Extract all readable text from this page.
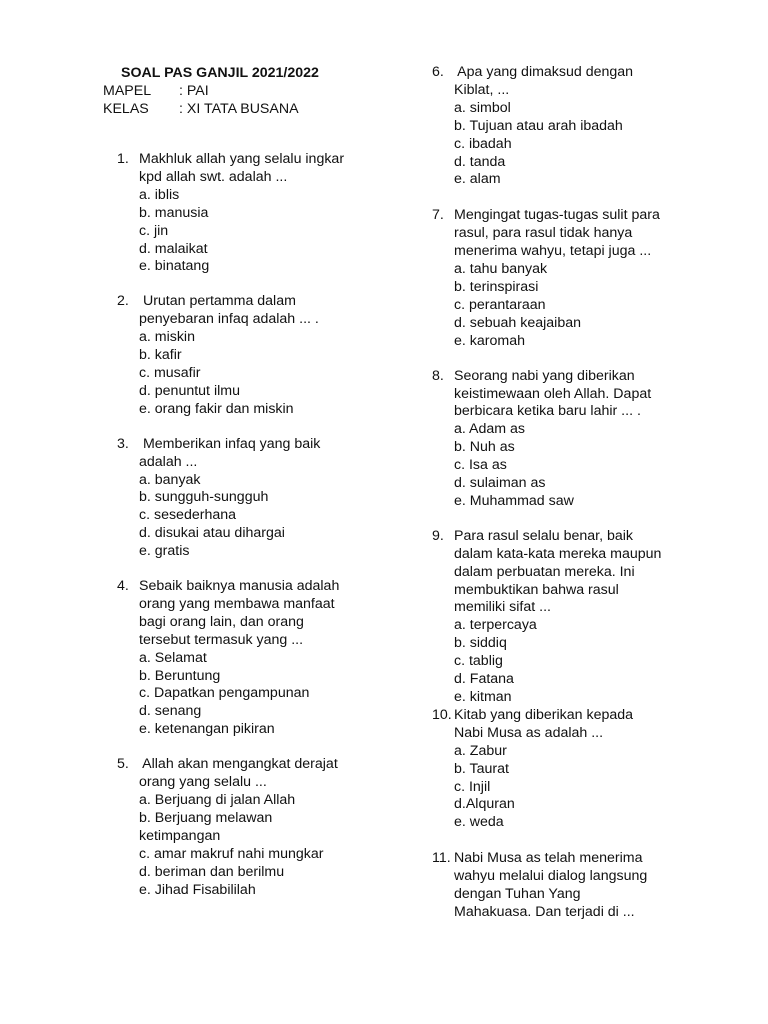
SOAL PAS GANJIL 2021/2022
MAPEL : PAI
KELAS : XI TATA BUSANA
1. Makhluk allah yang selalu ingkar
kpd allah swt. adalah ...
a. iblis
b. manusia
c. jin
d. malaikat
e. binatang
2. Urutan pertamma dalam
penyebaran infaq adalah ... .
a. miskin
b. kafir
c. musafir
d. penuntut ilmu
e. orang fakir dan miskin
3. Memberikan infaq yang baik
adalah ...
a. banyak
b. sungguh-sungguh
c. sesederhana
d. disukai atau dihargai
e. gratis
4. Sebaik baiknya manusia adalah
orang yang membawa manfaat
bagi orang lain, dan orang
tersebut termasuk yang ...
a. Selamat
b. Beruntung
c. Dapatkan pengampunan
d. senang
e. ketenangan pikiran
5. Allah akan mengangkat derajat
orang yang selalu ...
a. Berjuang di jalan Allah
b. Berjuang melawan
ketimpangan
c. amar makruf nahi mungkar
d. beriman dan berilmu
e. Jihad Fisabililah
6. Apa yang dimaksud dengan
Kiblat, ...
a. simbol
b. Tujuan atau arah ibadah
c. ibadah
d. tanda
e. alam
7. Mengingat tugas-tugas sulit para
rasul, para rasul tidak hanya
menerima wahyu, tetapi juga ...
a. tahu banyak
b. terinspirasi
c. perantaraan
d. sebuah keajaiban
e. karomah
8. Seorang nabi yang diberikan
keistimewaan oleh Allah. Dapat
berbicara ketika baru lahir ... .
a. Adam as
b. Nuh as
c. Isa as
d. sulaiman as
e. Muhammad saw
9. Para rasul selalu benar, baik
dalam kata-kata mereka maupun
dalam perbuatan mereka. Ini
membuktikan bahwa rasul
memiliki sifat ...
a. terpercaya
b. siddiq
c. tablig
d. Fatana
e. kitman
10. Kitab yang diberikan kepada
Nabi Musa as adalah ...
a. Zabur
b. Taurat
c. Injil
d.Alquran
e. weda
11. Nabi Musa as telah menerima
wahyu melalui dialog langsung
dengan Tuhan Yang
Mahakuasa. Dan terjadi di ...
